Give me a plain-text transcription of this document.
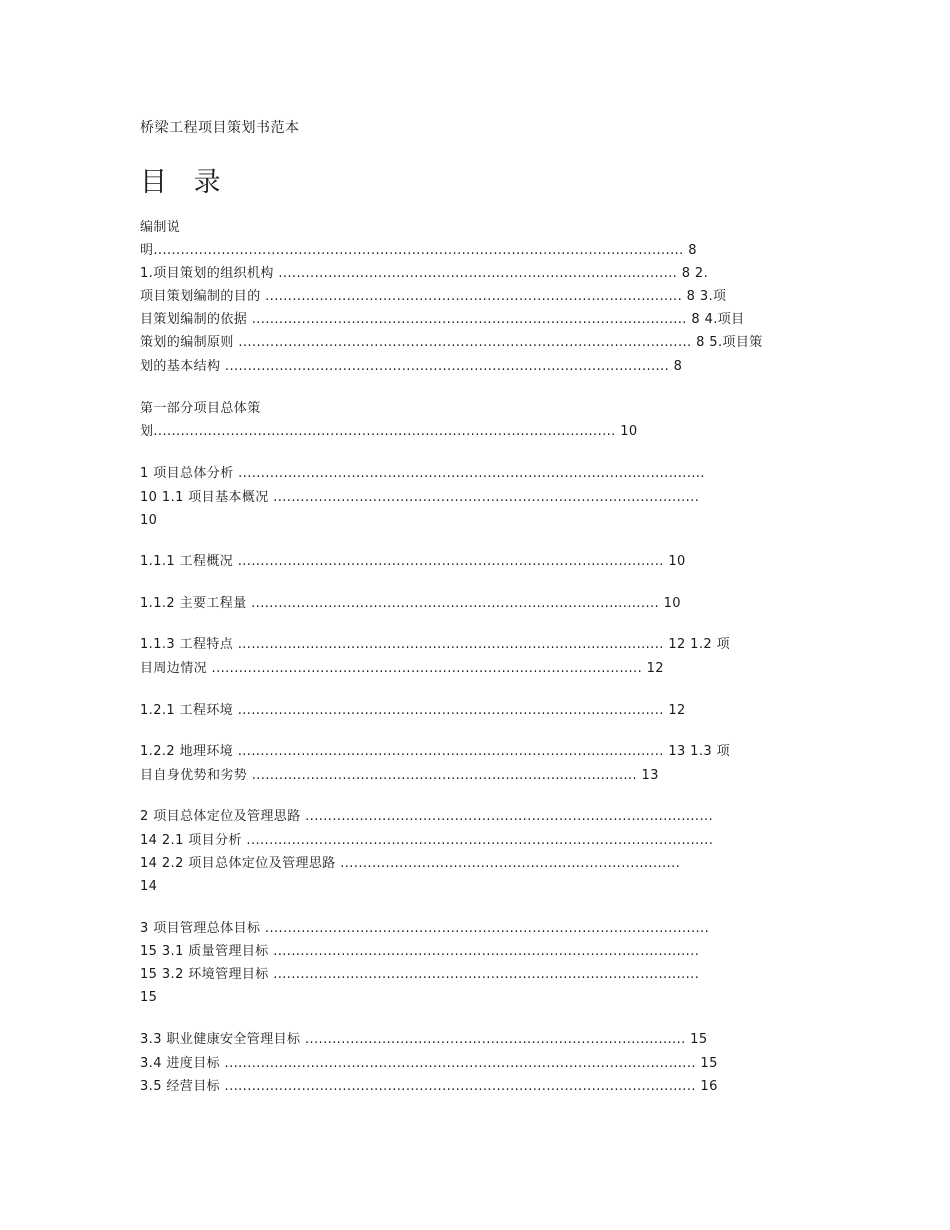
桥梁工程项目策划书范本
目 录
编制说
明..................................................................................................................... 8
1.项目策划的组织机构 ........................................................................................ 8 2.
项目策划编制的目的 ............................................................................................ 8 3.项
目策划编制的依据 ................................................................................................ 8 4.项目
策划的编制原则 .................................................................................................... 8 5.项目策
划的基本结构 .................................................................................................. 8
第一部分项目总体策
划...................................................................................................... 10
1 项目总体分析 .......................................................................................................
10 1.1 项目基本概况 ..............................................................................................
10
1.1.1 工程概况 .............................................................................................. 10
1.1.2 主要工程量 .......................................................................................... 10
1.1.3 工程特点 .............................................................................................. 12 1.2 项
目周边情况 ............................................................................................... 12
1.2.1 工程环境 .............................................................................................. 12
1.2.2 地理环境 .............................................................................................. 13 1.3 项
目自身优势和劣势 ..................................................................................... 13
2 项目总体定位及管理思路 ..........................................................................................
14 2.1 项目分析 .......................................................................................................
14 2.2 项目总体定位及管理思路 ...........................................................................
14
3 项目管理总体目标 ..................................................................................................
15 3.1 质量管理目标 ..............................................................................................
15 3.2 环境管理目标 ..............................................................................................
15
3.3 职业健康安全管理目标 .................................................................................... 15
3.4 进度目标 ........................................................................................................ 15
3.5 经营目标 ........................................................................................................ 16
